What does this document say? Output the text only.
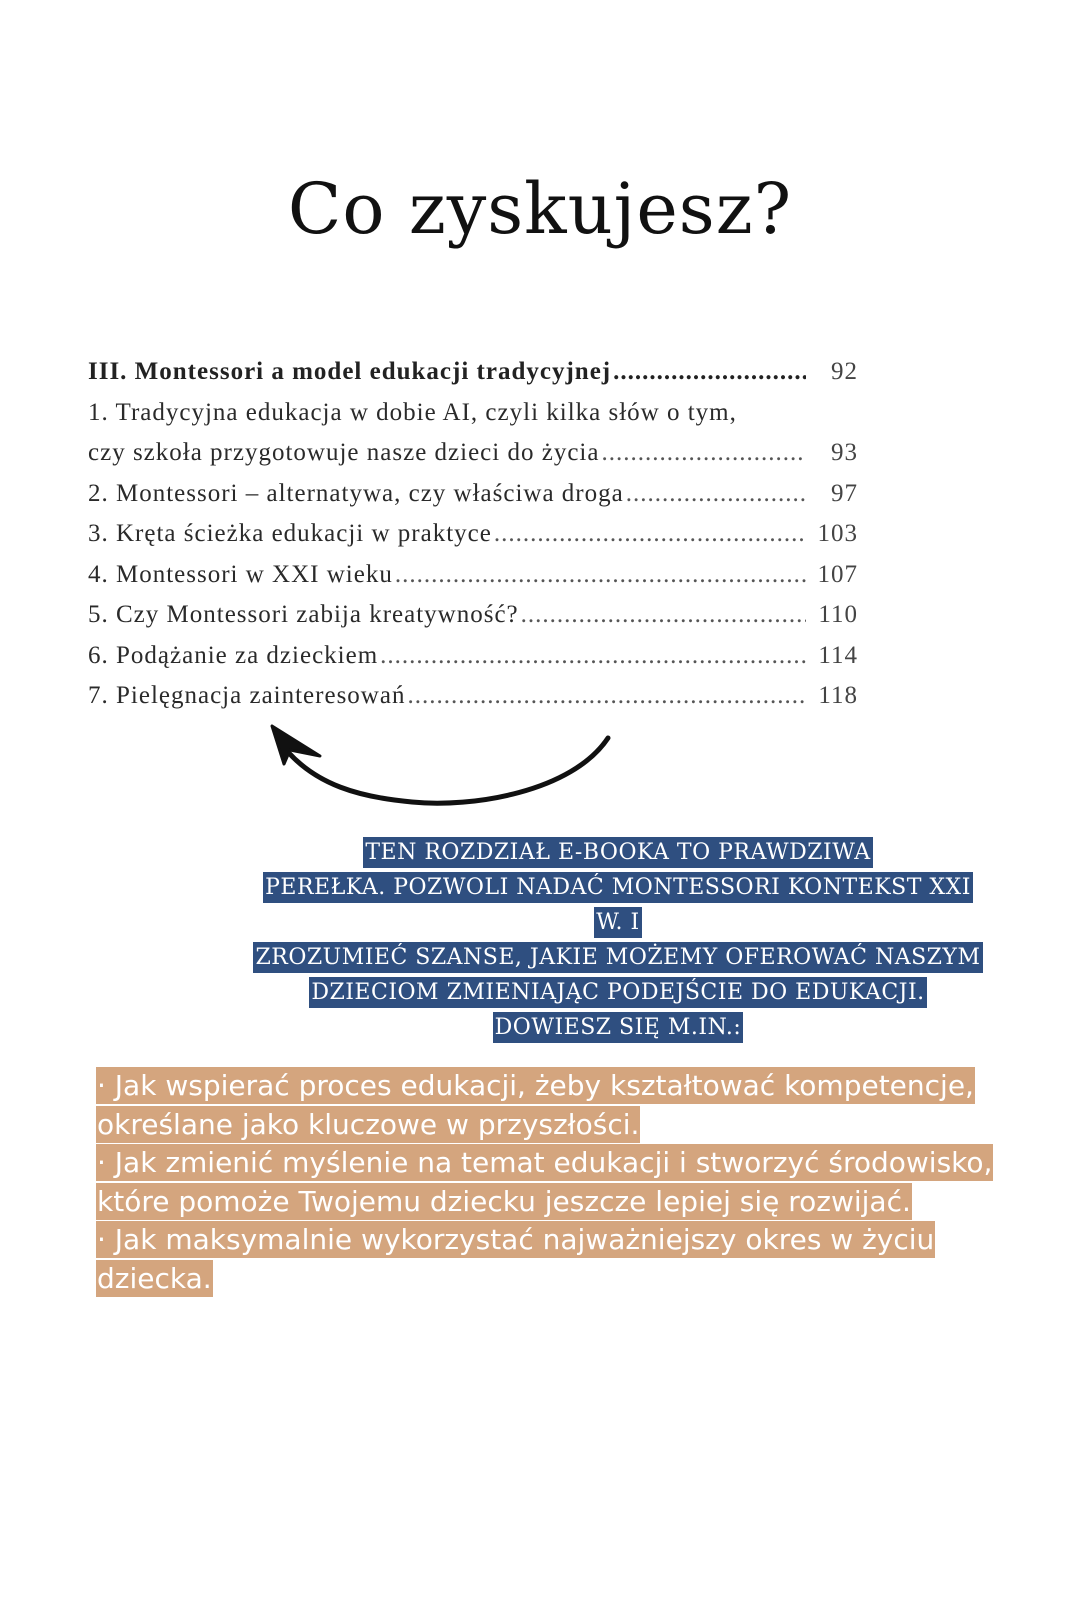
Co zyskujesz?
III. Montessori a model edukacji tradycyjnej .....	92
1. Tradycyjna edukacja w dobie AI, czyli kilka słów o tym,
czy szkoła przygotowuje nasze dzieci do życia .....	93
2. Montessori – alternatywa, czy właściwa droga .....	97
3. Kręta ścieżka edukacji w praktyce .....	103
4. Montessori w XXI wieku .....	107
5. Czy Montessori zabija kreatywność? .....	110
6. Podążanie za dzieckiem .....	114
7. Pielęgnacja zainteresowań .....	118
TEN ROZDZIAŁ E-BOOKA TO PRAWDZIWA
PEREŁKA. POZWOLI NADAĆ MONTESSORI KONTEKST XXI W. I
ZROZUMIEĆ SZANSE, JAKIE MOŻEMY OFEROWAĆ NASZYM
DZIECIOM ZMIENIAJĄC PODEJŚCIE DO EDUKACJI.
DOWIESZ SIĘ M.IN.:
· Jak wspierać proces edukacji, żeby kształtować kompetencje,
określane jako kluczowe w przyszłości.
· Jak zmienić myślenie na temat edukacji i stworzyć środowisko,
które pomoże Twojemu dziecku jeszcze lepiej się rozwijać.
· Jak maksymalnie wykorzystać najważniejszy okres w życiu
dziecka.
